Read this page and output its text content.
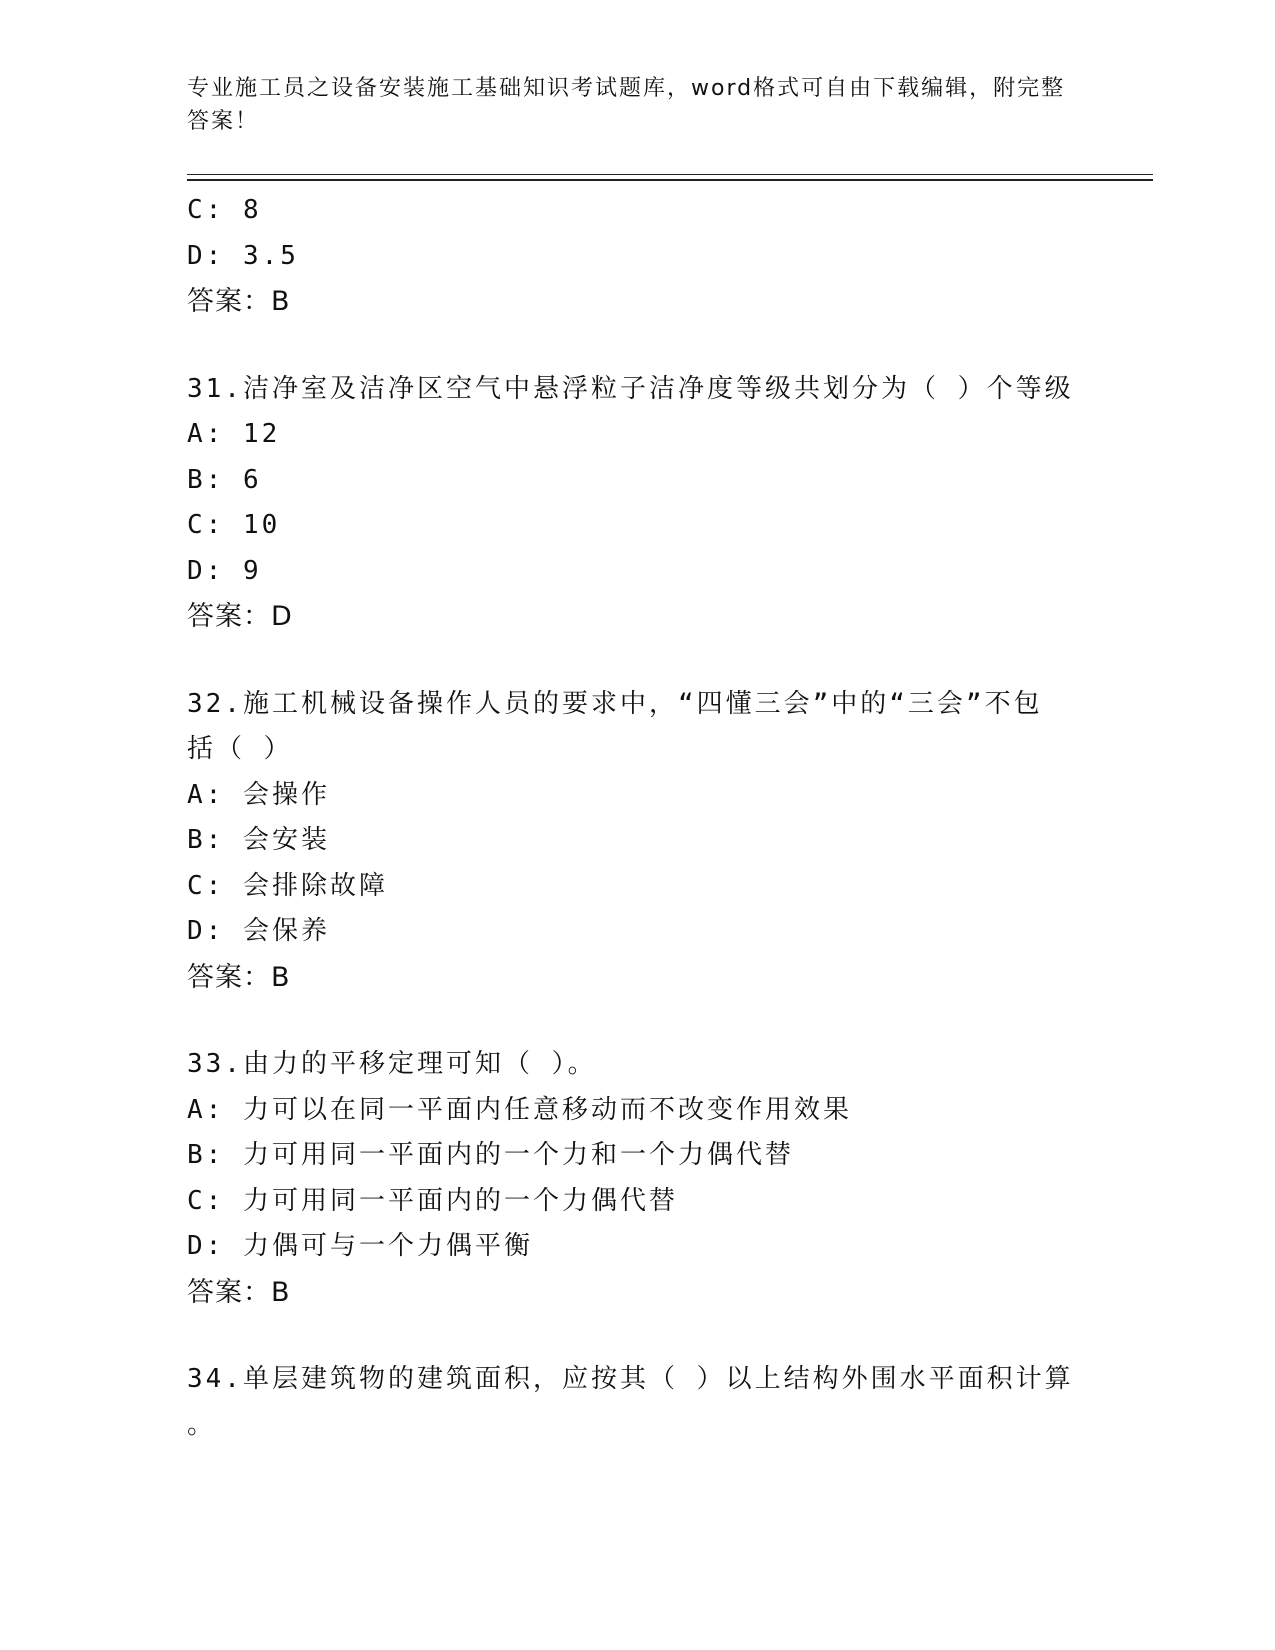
专业施工员之设备安装施工基础知识考试题库，word格式可自由下载编辑，附完整答案！
C: 8
D: 3.5
答案：B
31.洁净室及洁净区空气中悬浮粒子洁净度等级共划分为（ ）个等级
A: 12
B: 6
C: 10
D: 9
答案：D
32.施工机械设备操作人员的要求中，“四懂三会”中的“三会”不包括（ ）
A: 会操作
B: 会安装
C: 会排除故障
D: 会保养
答案：B
33.由力的平移定理可知（ ）。
A: 力可以在同一平面内任意移动而不改变作用效果
B: 力可用同一平面内的一个力和一个力偶代替
C: 力可用同一平面内的一个力偶代替
D: 力偶可与一个力偶平衡
答案：B
34.单层建筑物的建筑面积，应按其（ ）以上结构外围水平面积计算
。
